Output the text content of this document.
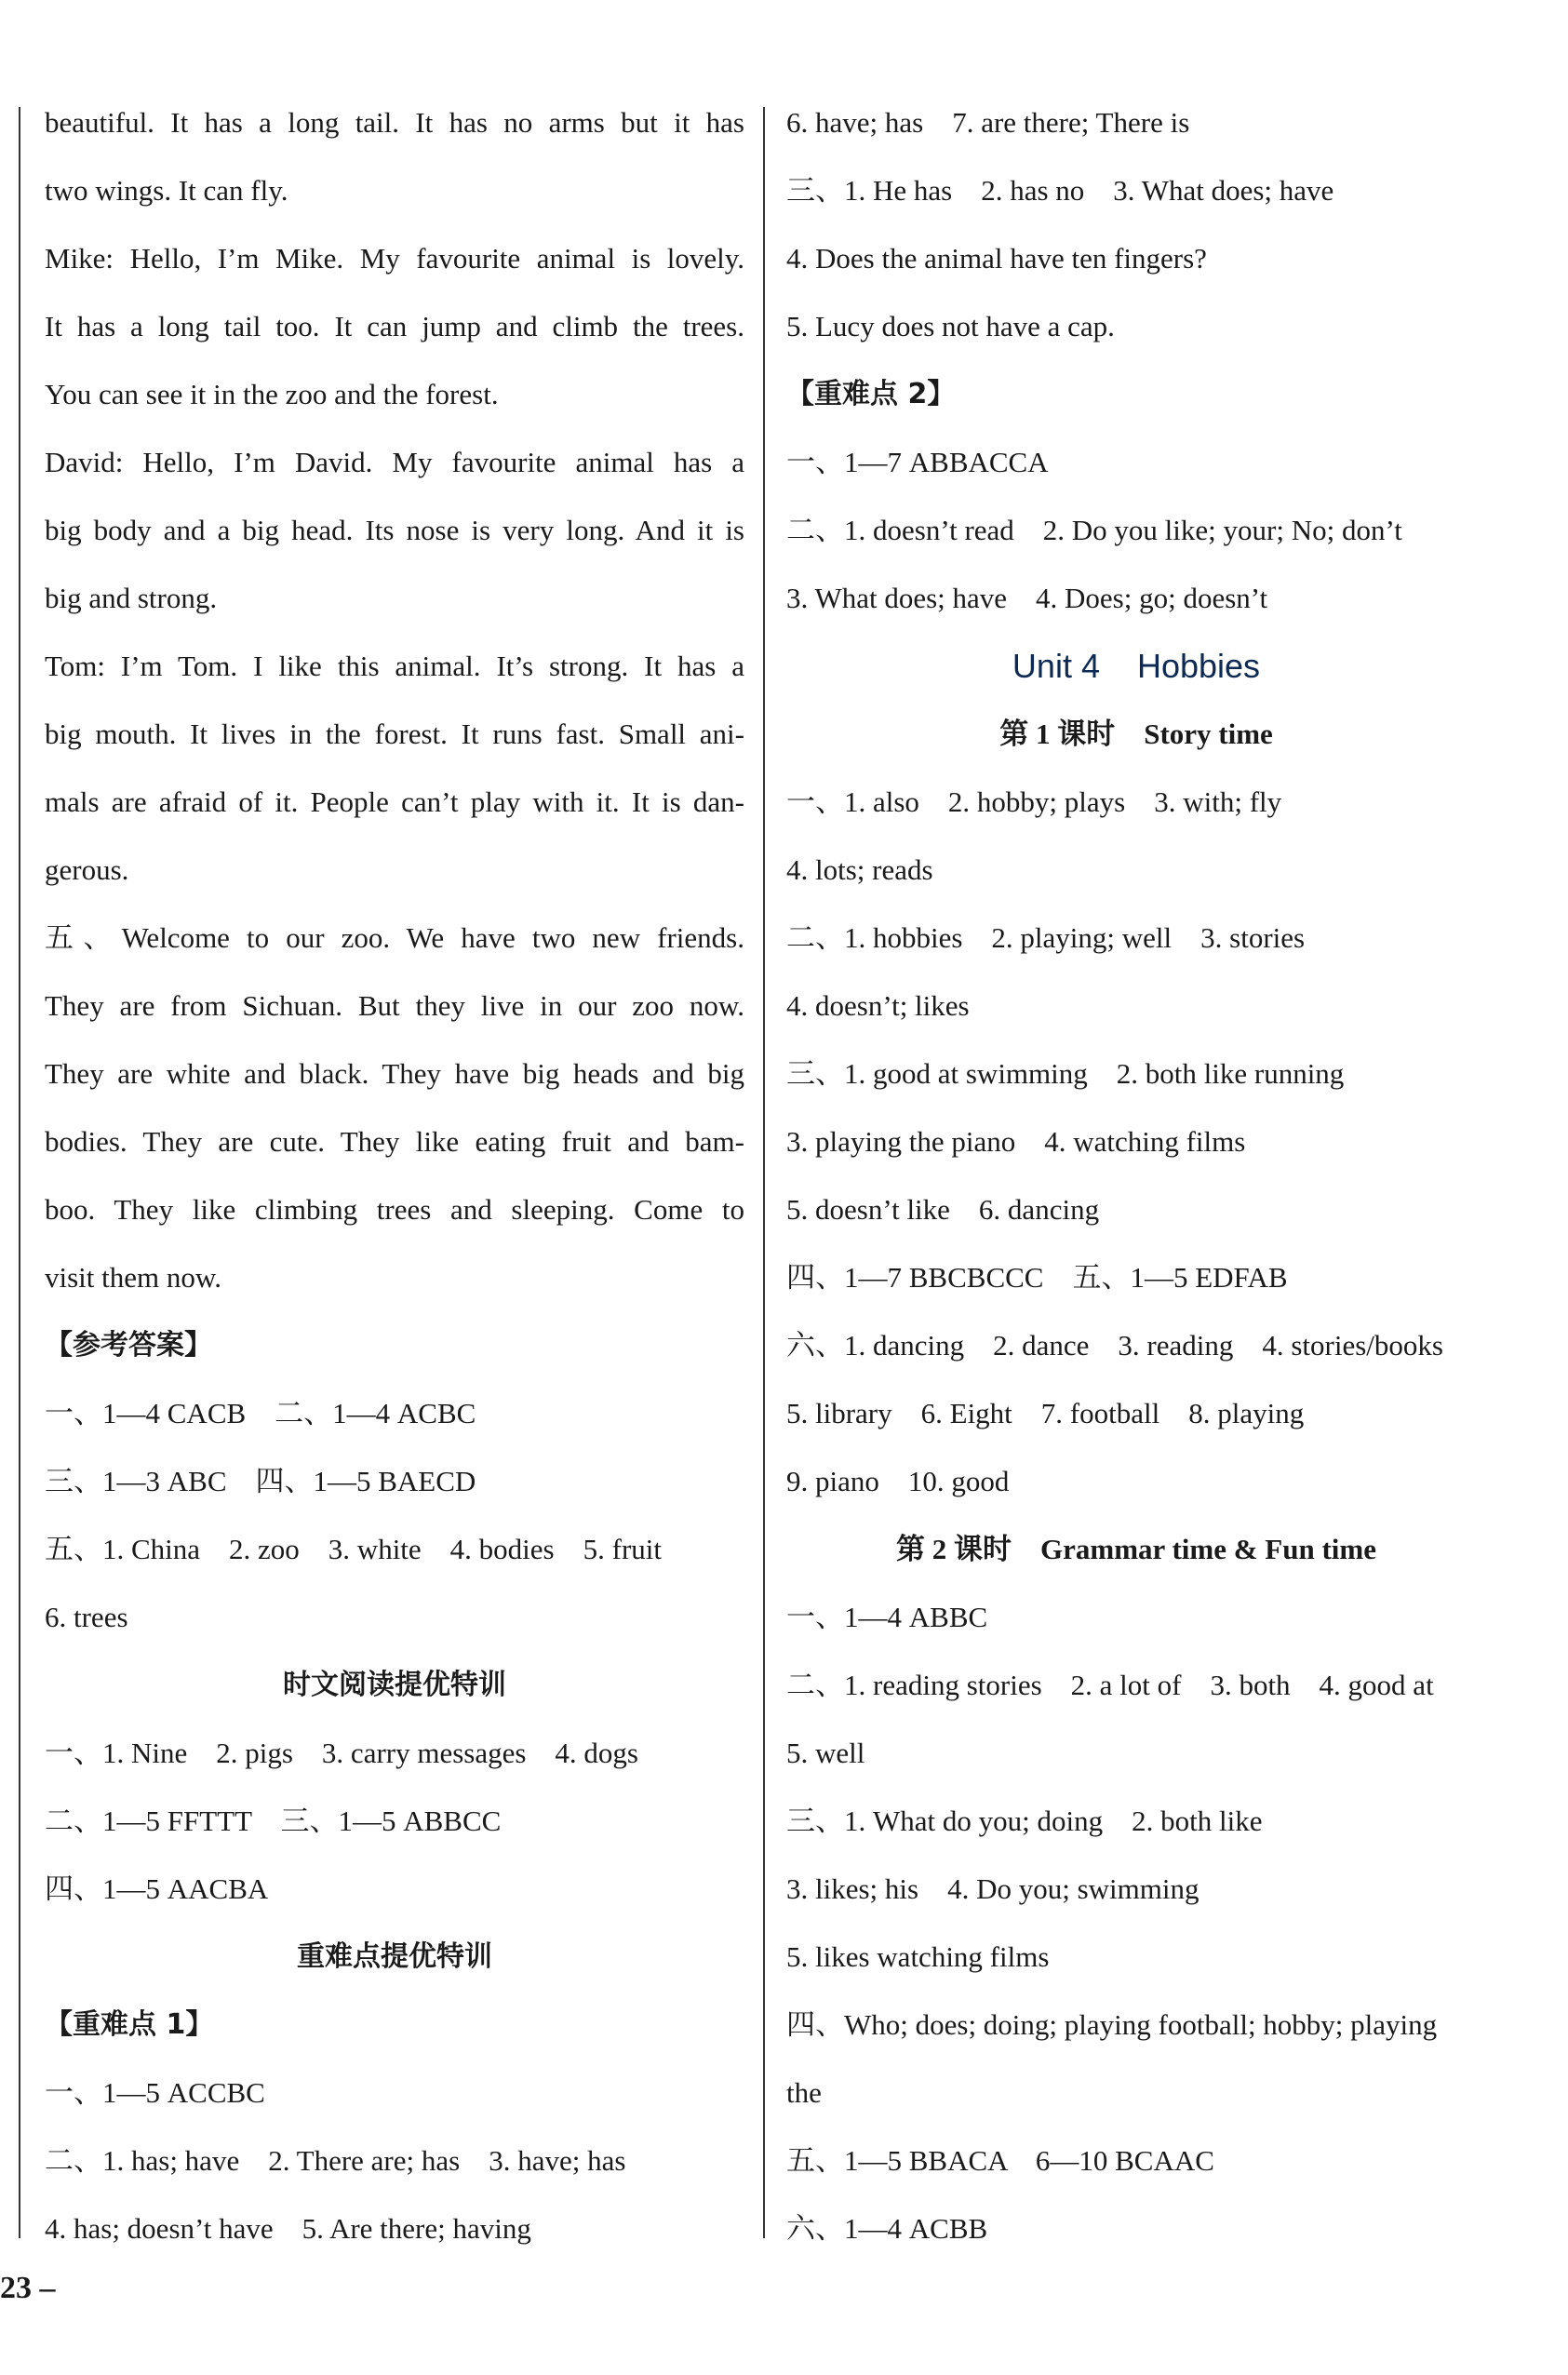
beautiful. It has a long tail. It has no arms but it has
two wings. It can fly.
Mike: Hello, I’m Mike. My favourite animal is lovely.
It has a long tail too. It can jump and climb the trees.
You can see it in the zoo and the forest.
David: Hello, I’m David. My favourite animal has a
big body and a big head. Its nose is very long. And it is
big and strong.
Tom: I’m Tom. I like this animal. It’s strong. It has a
big mouth. It lives in the forest. It runs fast. Small ani-
mals are afraid of it. People can’t play with it. It is dan-
gerous.
五、Welcome to our zoo. We have two new friends.
They are from Sichuan. But they live in our zoo now.
They are white and black. They have big heads and big
bodies. They are cute. They like eating fruit and bam-
boo. They like climbing trees and sleeping. Come to
visit them now.
【参考答案】
一、1—4 CACB    二、1—4 ACBC
三、1—3 ABC    四、1—5 BAECD
五、1. China    2. zoo    3. white    4. bodies    5. fruit
6. trees
时文阅读提优特训
一、1. Nine    2. pigs    3. carry messages    4. dogs
二、1—5 FFTTT    三、1—5 ABBCC
四、1—5 AACBA
重难点提优特训
【重难点 1】
一、1—5 ACCBC
二、1. has; have    2. There are; has    3. have; has
4. has; doesn’t have    5. Are there; having
6. have; has    7. are there; There is
三、1. He has    2. has no    3. What does; have
4. Does the animal have ten fingers?
5. Lucy does not have a cap.
【重难点 2】
一、1—7 ABBACCA
二、1. doesn’t read    2. Do you like; your; No; don’t
3. What does; have    4. Does; go; doesn’t
Unit 4    Hobbies
第 1 课时    Story time
一、1. also    2. hobby; plays    3. with; fly
4. lots; reads
二、1. hobbies    2. playing; well    3. stories
4. doesn’t; likes
三、1. good at swimming    2. both like running
3. playing the piano    4. watching films
5. doesn’t like    6. dancing
四、1—7 BBCBCCC    五、1—5 EDFAB
六、1. dancing    2. dance    3. reading    4. stories/books
5. library    6. Eight    7. football    8. playing
9. piano    10. good
第 2 课时    Grammar time & Fun time
一、1—4 ABBC
二、1. reading stories    2. a lot of    3. both    4. good at
5. well
三、1. What do you; doing    2. both like
3. likes; his    4. Do you; swimming
5. likes watching films
四、Who; does; doing; playing football; hobby; playing
the
五、1—5 BBACA    6—10 BCAAC
六、1—4 ACBB
23 –
